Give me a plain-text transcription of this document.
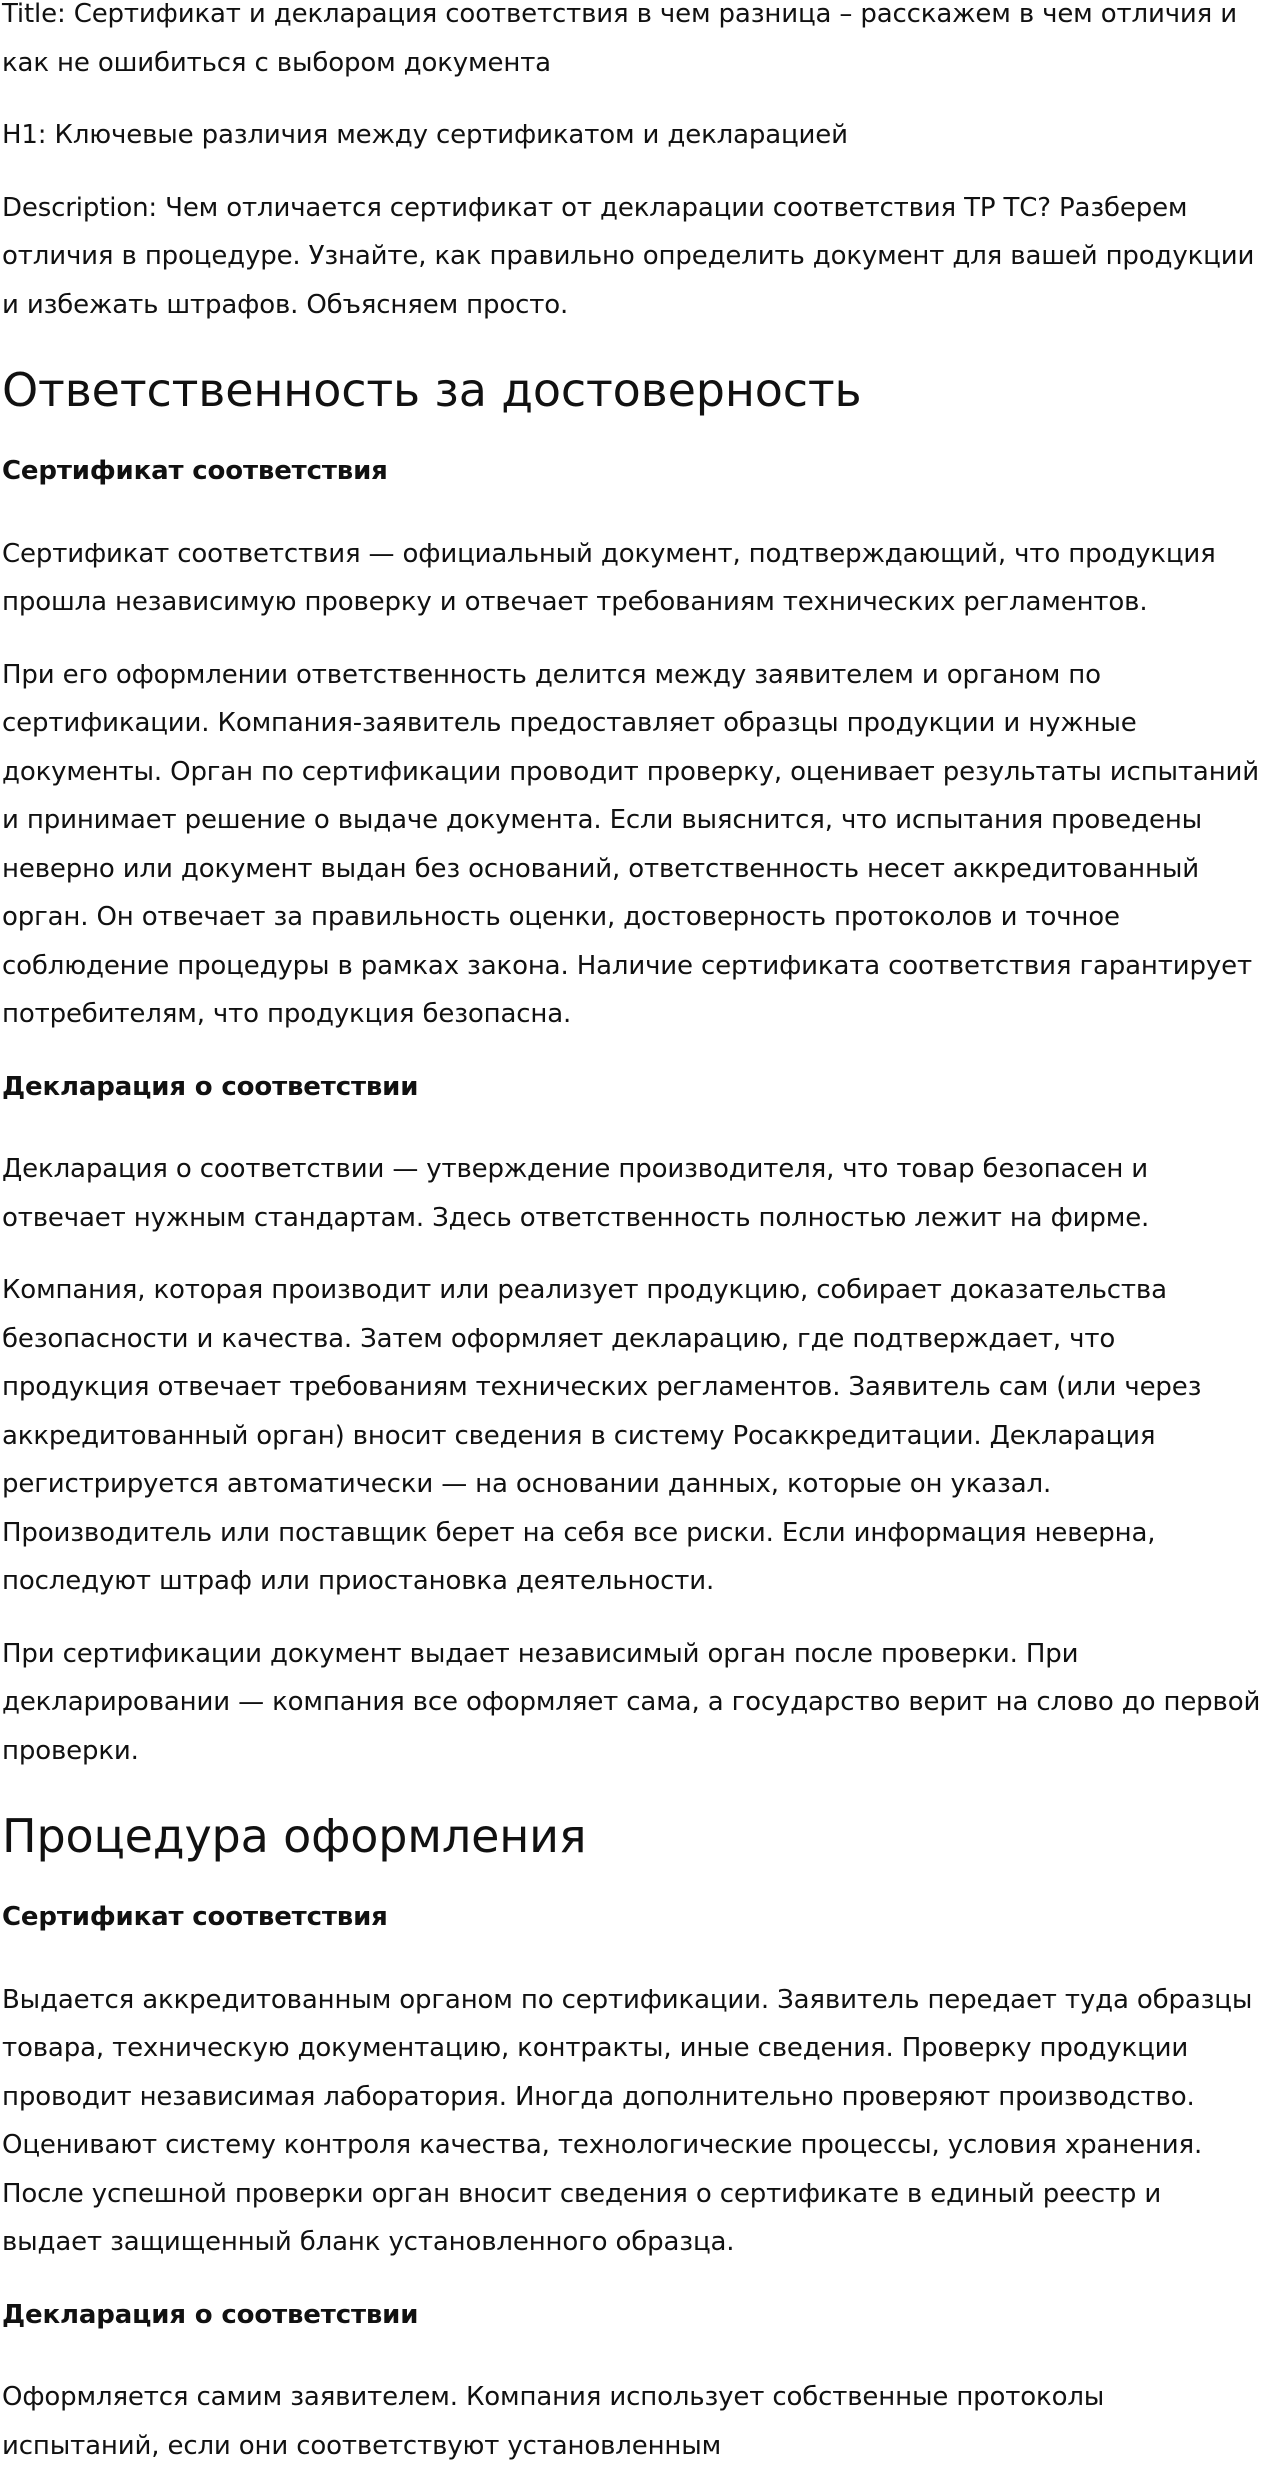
Title: Сертификат и декларация соответствия в чем разница – расскажем в чем отличия и как не ошибиться с выбором документа

H1: Ключевые различия между сертификатом и декларацией

Description: Чем отличается сертификат от декларации соответствия ТР ТС? Разберем отличия в процедуре. Узнайте, как правильно определить документ для вашей продукции и избежать штрафов. Объясняем просто.

Ответственность за достоверность
Сертификат соответствия

Сертификат соответствия — официальный документ, подтверждающий, что продукция прошла независимую проверку и отвечает требованиям технических регламентов.

При его оформлении ответственность делится между заявителем и органом по сертификации. Компания-заявитель предоставляет образцы продукции и нужные документы. Орган по сертификации проводит проверку, оценивает результаты испытаний и принимает решение о выдаче документа. Если выяснится, что испытания проведены неверно или документ выдан без оснований, ответственность несет аккредитованный орган. Он отвечает за правильность оценки, достоверность протоколов и точное соблюдение процедуры в рамках закона. Наличие сертификата соответствия гарантирует потребителям, что продукция безопасна.

Декларация о соответствии

Декларация о соответствии — утверждение производителя, что товар безопасен и отвечает нужным стандартам. Здесь ответственность полностью лежит на фирме.

Компания, которая производит или реализует продукцию, собирает доказательства безопасности и качества. Затем оформляет декларацию, где подтверждает, что продукция отвечает требованиям технических регламентов. Заявитель сам (или через аккредитованный орган) вносит сведения в систему Росаккредитации. Декларация регистрируется автоматически — на основании данных, которые он указал. Производитель или поставщик берет на себя все риски. Если информация неверна, последуют штраф или приостановка деятельности.

При сертификации документ выдает независимый орган после проверки. При декларировании — компания все оформляет сама, а государство верит на слово до первой проверки.

Процедура оформления
Сертификат соответствия

Выдается аккредитованным органом по сертификации. Заявитель передает туда образцы товара, техническую документацию, контракты, иные сведения. Проверку продукции проводит независимая лаборатория. Иногда дополнительно проверяют производство. Оценивают систему контроля качества, технологические процессы, условия хранения. После успешной проверки орган вносит сведения о сертификате в единый реестр и выдает защищенный бланк установленного образца.

Декларация о соответствии

Оформляется самим заявителем. Компания использует собственные протоколы испытаний, если они соответствуют установленным
